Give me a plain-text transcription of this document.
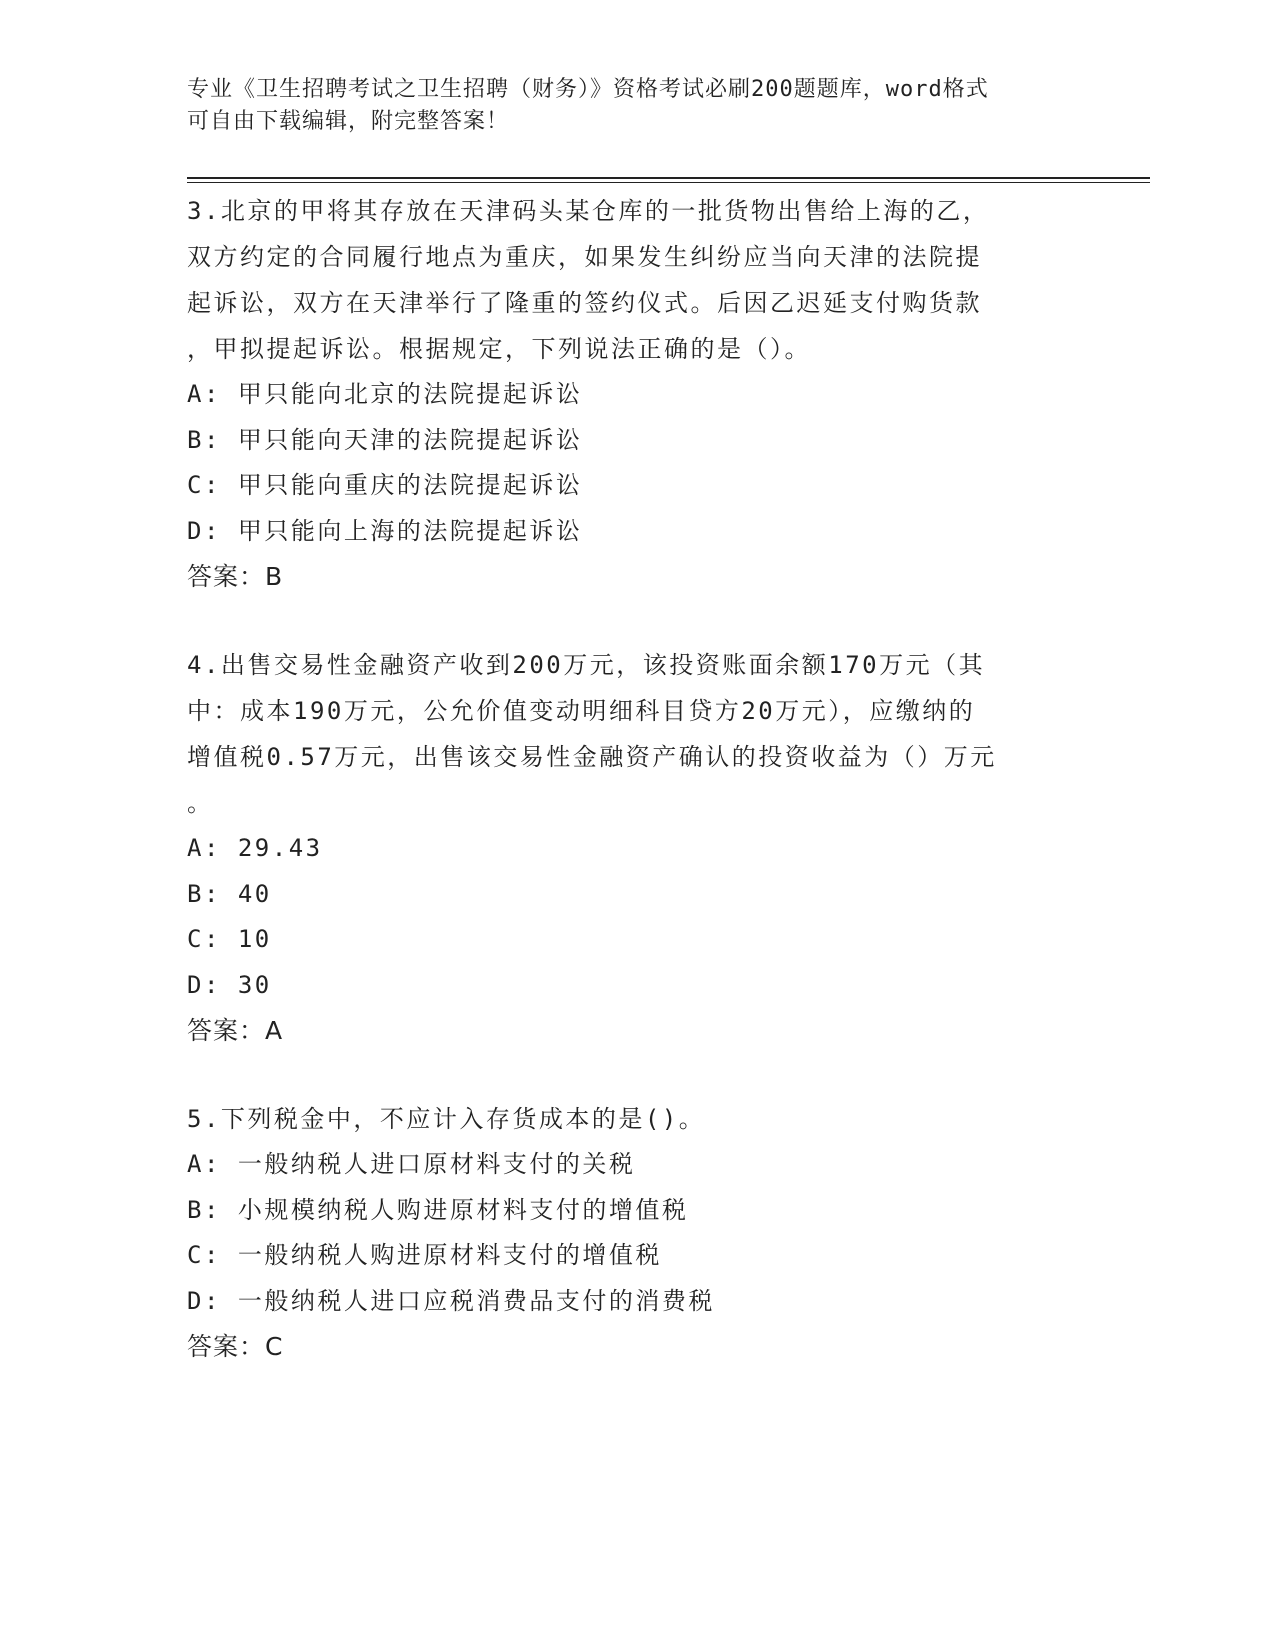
专业《卫生招聘考试之卫生招聘（财务）》资格考试必刷200题题库，word格式
可自由下载编辑，附完整答案！
3.北京的甲将其存放在天津码头某仓库的一批货物出售给上海的乙，
双方约定的合同履行地点为重庆，如果发生纠纷应当向天津的法院提
起诉讼，双方在天津举行了隆重的签约仪式。后因乙迟延支付购货款
，甲拟提起诉讼。根据规定，下列说法正确的是（）。
A: 甲只能向北京的法院提起诉讼
B: 甲只能向天津的法院提起诉讼
C: 甲只能向重庆的法院提起诉讼
D: 甲只能向上海的法院提起诉讼
答案：B
4.出售交易性金融资产收到200万元，该投资账面余额170万元（其
中：成本190万元，公允价值变动明细科目贷方20万元），应缴纳的
增值税0.57万元，出售该交易性金融资产确认的投资收益为（）万元
。
A: 29.43
B: 40
C: 10
D: 30
答案：A
5.下列税金中，不应计入存货成本的是()。
A: 一般纳税人进口原材料支付的关税
B: 小规模纳税人购进原材料支付的增值税
C: 一般纳税人购进原材料支付的增值税
D: 一般纳税人进口应税消费品支付的消费税
答案：C
